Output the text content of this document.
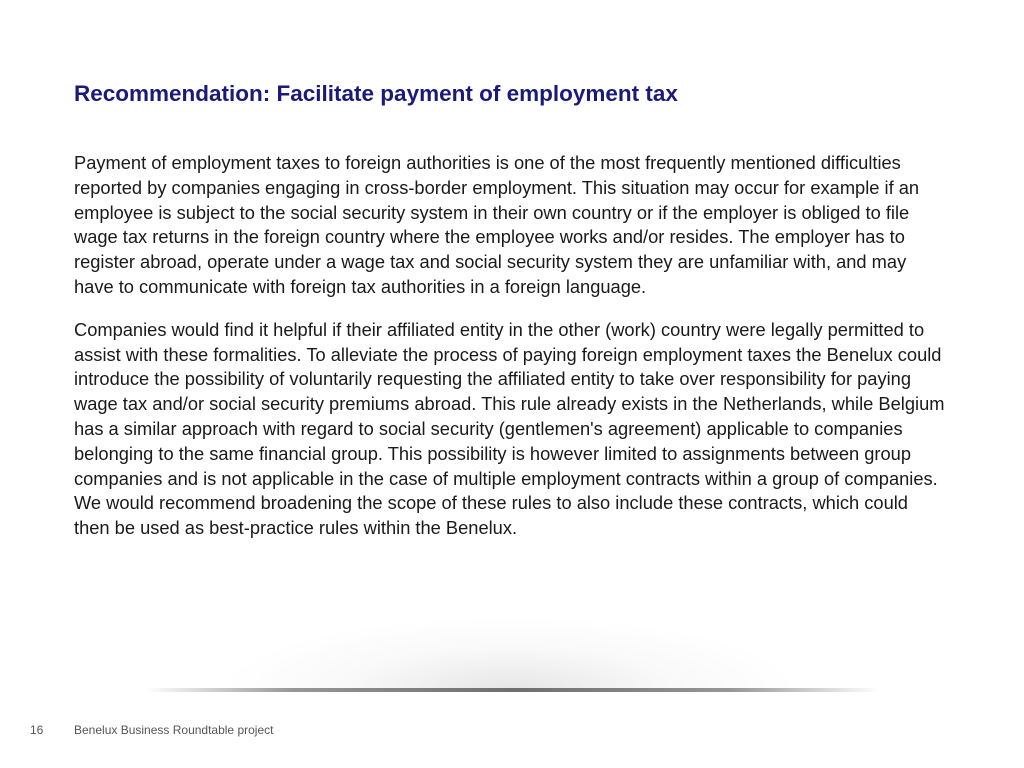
Recommendation: Facilitate payment of employment tax

Payment of employment taxes to foreign authorities is one of the most frequently mentioned difficulties reported by companies engaging in cross-border employment. This situation may occur for example if an employee is subject to the social security system in their own country or if the employer is obliged to file wage tax returns in the foreign country where the employee works and/or resides. The employer has to register abroad, operate under a wage tax and social security system they are unfamiliar with, and may have to communicate with foreign tax authorities in a foreign language.

Companies would find it helpful if their affiliated entity in the other (work) country were legally permitted to assist with these formalities. To alleviate the process of paying foreign employment taxes the Benelux could introduce the possibility of voluntarily requesting the affiliated entity to take over responsibility for paying wage tax and/or social security premiums abroad. This rule already exists in the Netherlands, while Belgium has a similar approach with regard to social security (gentlemen's agreement) applicable to companies belonging to the same financial group. This possibility is however limited to assignments between group companies and is not applicable in the case of multiple employment contracts within a group of companies. We would recommend broadening the scope of these rules to also include these contracts, which could then be used as best-practice rules within the Benelux.

16	Benelux Business Roundtable project
